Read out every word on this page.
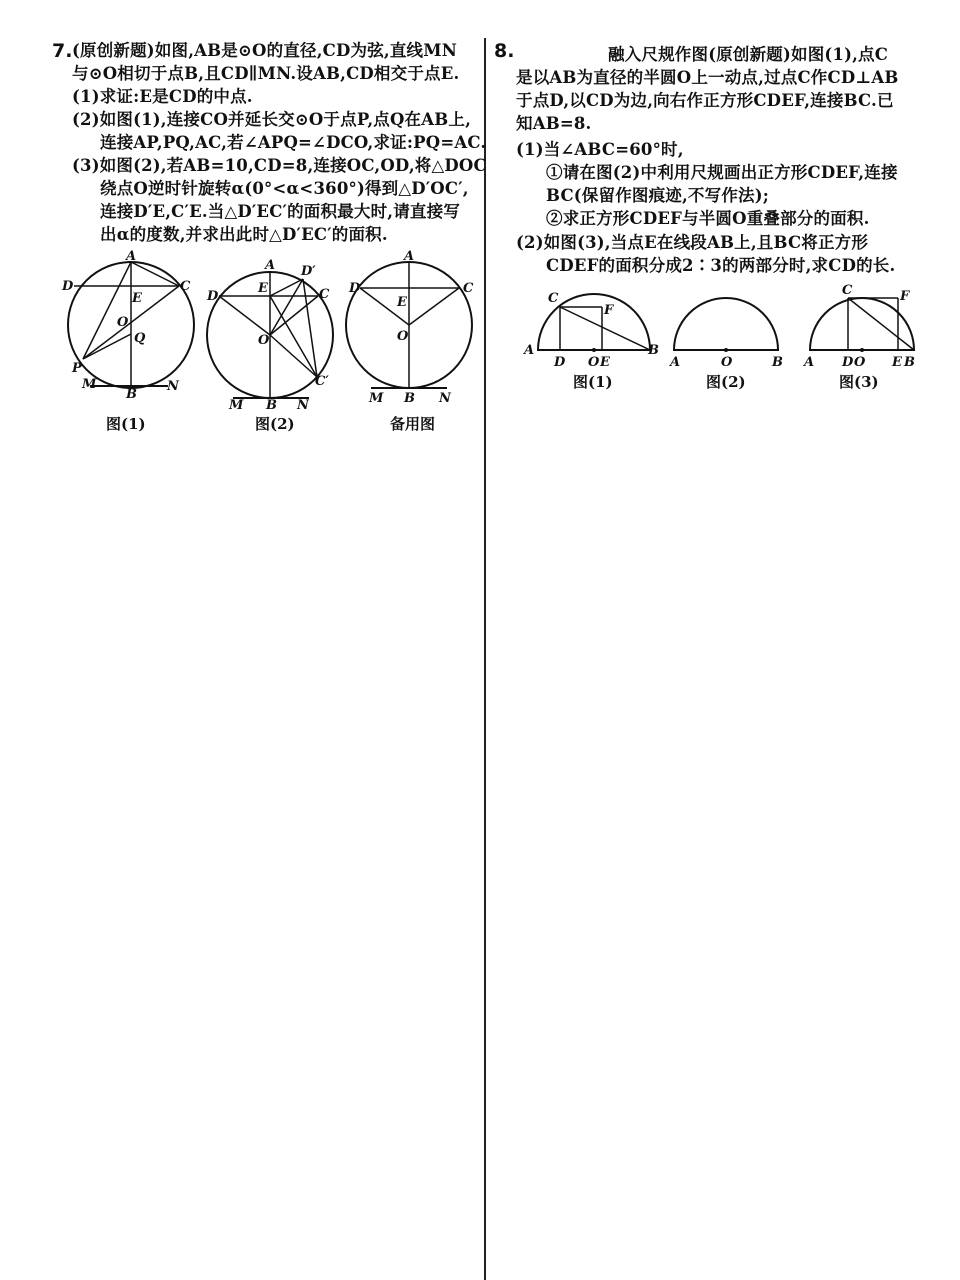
7. (原创新题)如图,AB是⊙O的直径,CD为弦,直线MN
与⊙O相切于点B,且CD∥MN.设AB,CD相交于点E.
(1)求证:E是CD的中点.
(2)如图(1),连接CO并延长交⊙O于点P,点Q在AB上,
连接AP,PQ,AC,若∠APQ=∠DCO,求证:PQ=AC.
(3)如图(2),若AB=10,CD=8,连接OC,OD,将△DOC
绕点O逆时针旋转α(0°<α<360°)得到△D′OC′,
连接D′E,C′E.当△D′EC′的面积最大时,请直接写
出α的度数,并求出此时△D′EC′的面积.
A
D	C
E
O
Q
P
M
B
N
图(1)
A D′
D
E	C
O
C′
M B N
图(2)
A
D	C
E
O
M B N
备用图
8.	融入尺规作图(原创新题)如图(1),点C
是以AB为直径的半圆O上一动点,过点C作CD⊥AB
于点D,以CD为边,向右作正方形CDEF,连接BC.已
知AB=8.
(1)当∠ABC=60°时,
①请在图(2)中利用尺规画出正方形CDEF,连接
BC(保留作图痕迹,不写作法);
②求正方形CDEF与半圆O重叠部分的面积.
(2)如图(3),当点E在线段AB上,且BC将正方形
CDEF的面积分成2∶3的两部分时,求CD的长.
C
F
A	B
D O E
图(1)
A	O	B
图(2)
C	F
A D O E B
图(3)
